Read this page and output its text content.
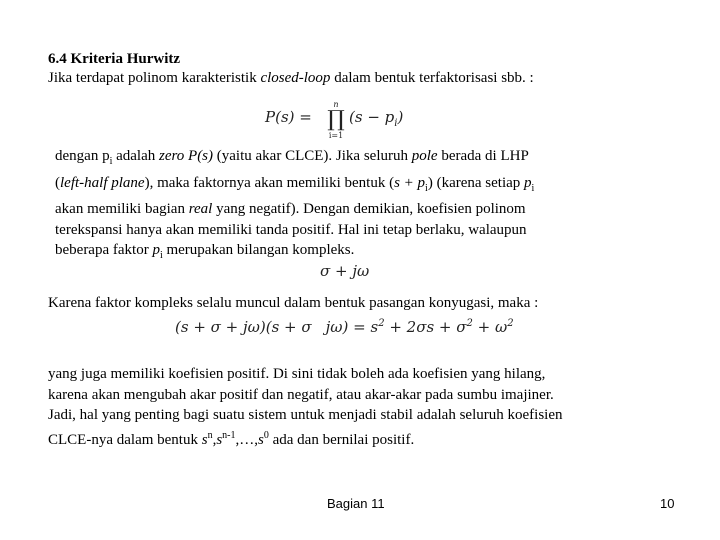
6.4 Kriteria Hurwitz
Jika terdapat polinom karakteristik closed-loop dalam bentuk terfaktorisasi sbb. :
P(s) =
n
∏
i=1
$(s - p_i)$
dengan $p_i$ adalah zero P(s) (yaitu akar CLCE). Jika seluruh pole berada di LHP
(left-half plane), maka faktornya akan memiliki bentuk $(s + p_i)$ (karena setiap $p_i$
akan memiliki bagian real yang negatif). Dengan demikian, koefisien polinom
terekspansi hanya akan memiliki tanda positif. Hal ini tetap berlaku, walaupun
beberapa faktor $p_i$ merupakan bilangan kompleks.
σ + jω
Karena faktor kompleks selalu muncul dalam bentuk pasangan konyugasi, maka :
(s + σ + jω)(s + σ $j\omega) = s^2 + 2\sigma s + \sigma^2 + \omega^2$
yang juga memiliki koefisien positif. Di sini tidak boleh ada koefisien yang hilang,
karena akan mengubah akar positif dan negatif, atau akar-akar pada sumbu imajiner.
Jadi, hal yang penting bagi suatu sistem untuk menjadi stabil adalah seluruh koefisien
CLCE-nya dalam bentuk $s^n,s^{n-1},\dots,s^0$ ada dan bernilai positif.
Bagian 11	10
